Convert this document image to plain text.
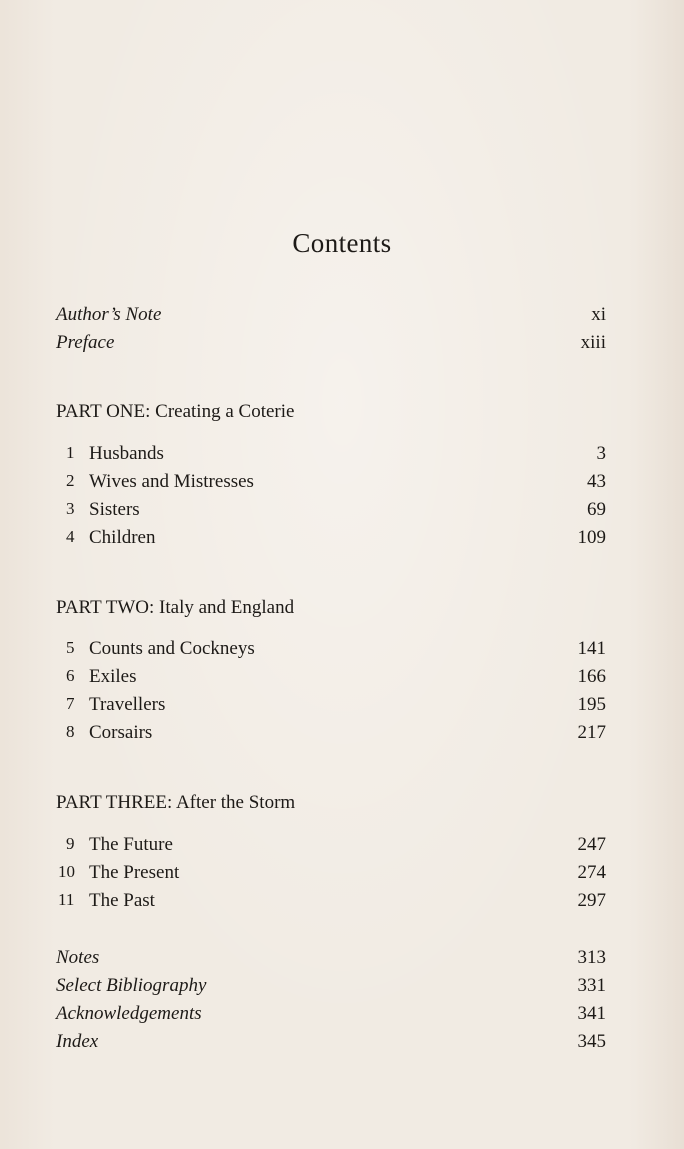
Contents
Author’s Note	xi
Preface	xiii
PART ONE: Creating a Coterie
1 Husbands	3
2 Wives and Mistresses	43
3 Sisters	69
4 Children	109
PART TWO: Italy and England
5 Counts and Cockneys	141
6 Exiles	166
7 Travellers	195
8 Corsairs	217
PART THREE: After the Storm
9 The Future	247
10 The Present	274
11 The Past	297
Notes	313
Select Bibliography	331
Acknowledgements	341
Index	345
